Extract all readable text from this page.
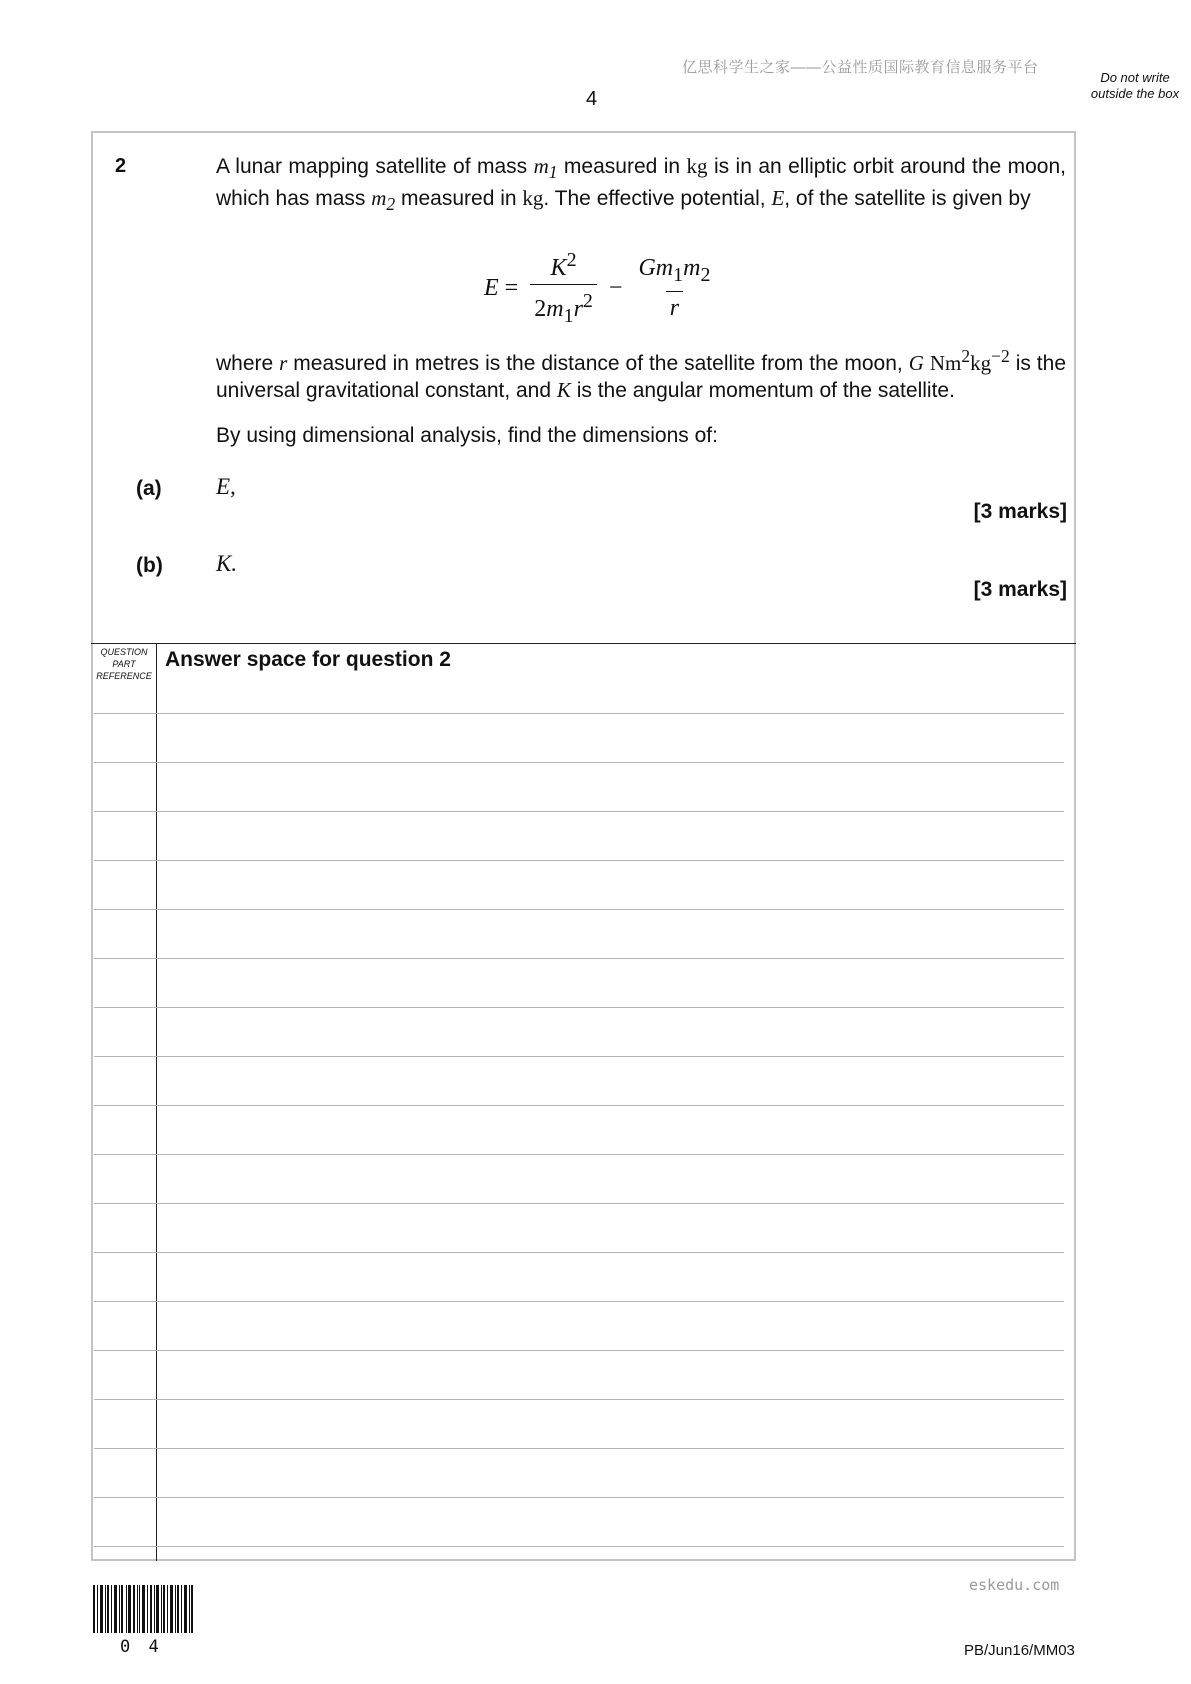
亿思科学生之家——公益性质国际教育信息服务平台
4
Do not write outside the box
2	A lunar mapping satellite of mass $m_1$ measured in kg is in an elliptic orbit around the moon, which has mass $m_2$ measured in kg. The effective potential, E, of the satellite is given by
$E = \frac{K^2}{2m_1r^2} - \frac{Gm_1m_2}{r}$
where r measured in metres is the distance of the satellite from the moon, G $Nm^2kg^{-2}$ is the universal gravitational constant, and K is the angular momentum of the satellite.
By using dimensional analysis, find the dimensions of:
(a) E,
[3 marks]
(b) K.
[3 marks]
QUESTION PART REFERENCE
Answer space for question 2
eskedu.com
0 4	PB/Jun16/MM03
